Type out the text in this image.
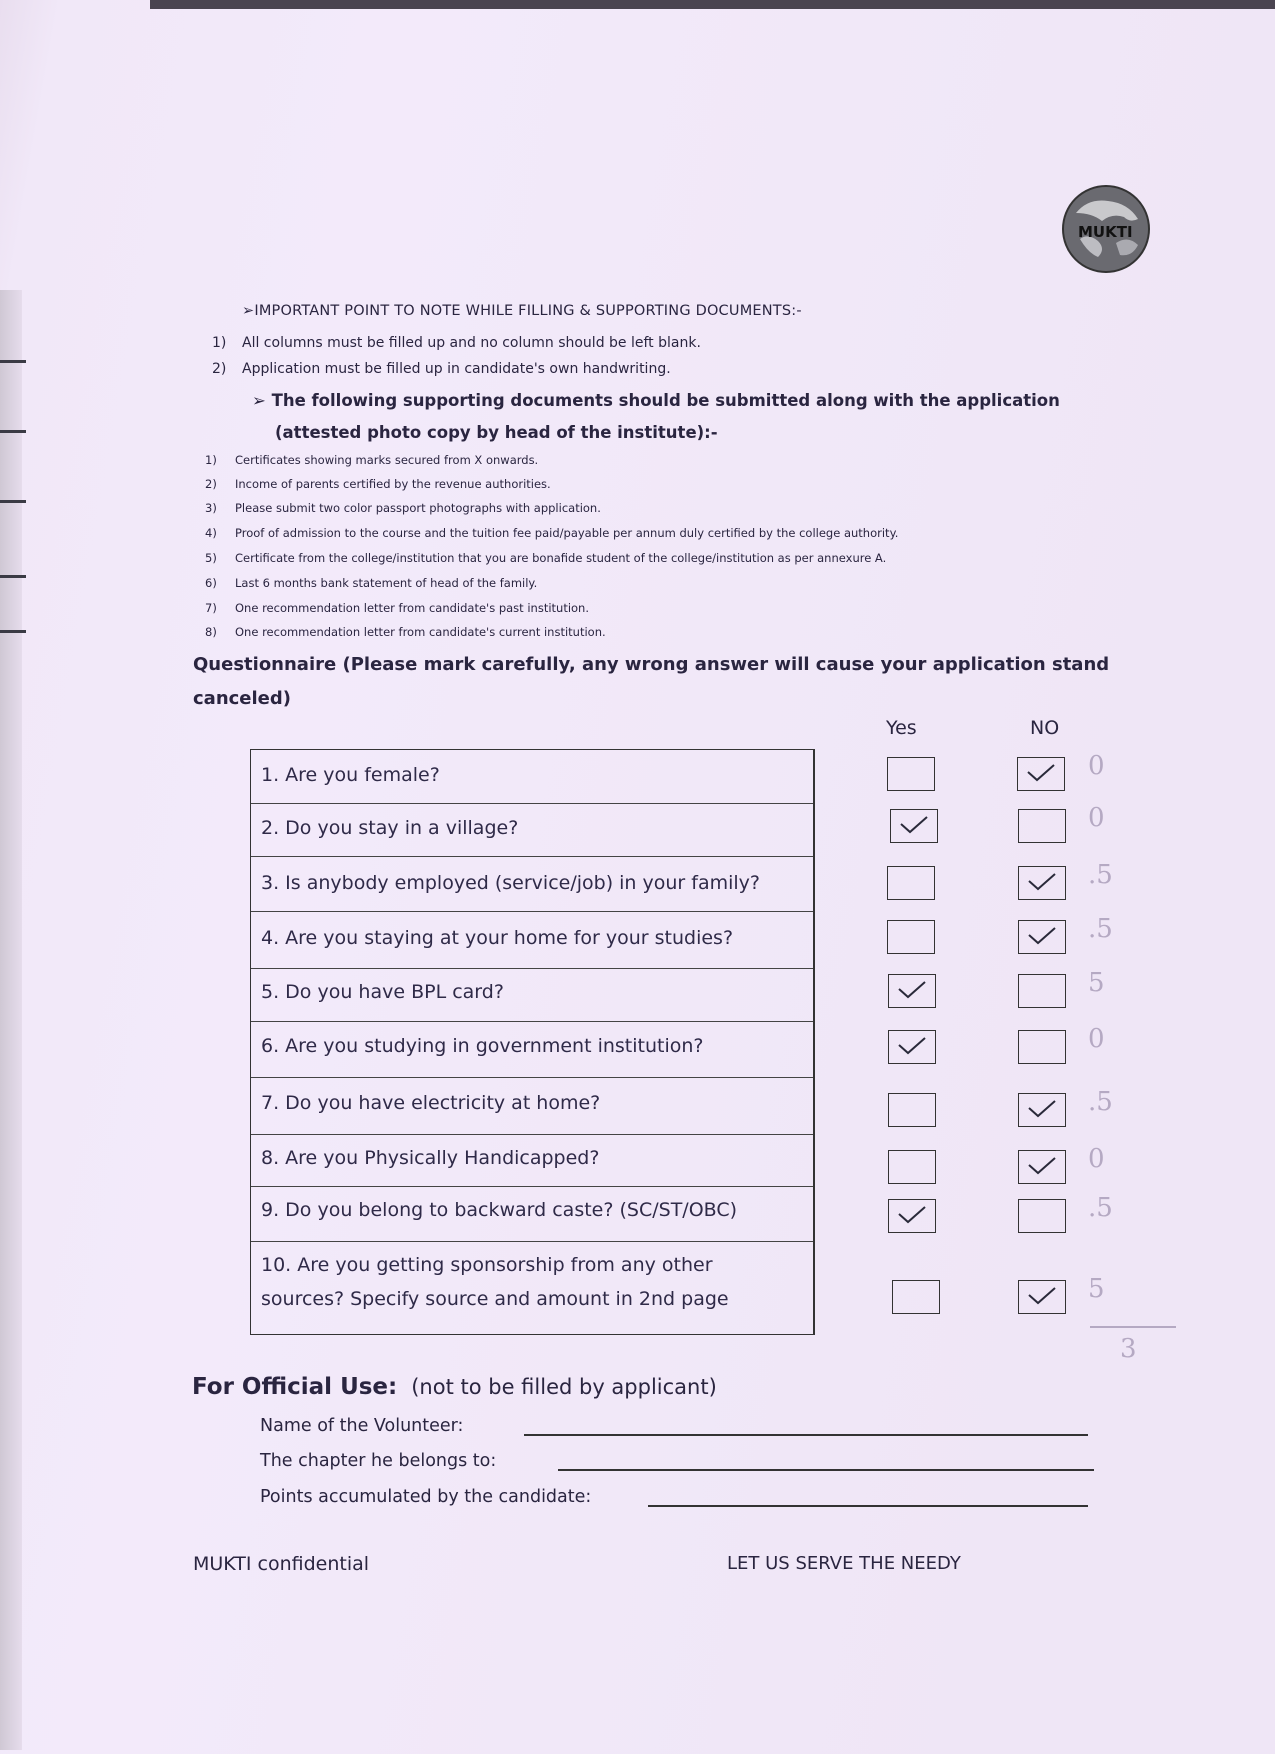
MUKTI
➢IMPORTANT POINT TO NOTE WHILE FILLING & SUPPORTING DOCUMENTS:-
1) All columns must be filled up and no column should be left blank.
2) Application must be filled up in candidate's own handwriting.
➢ The following supporting documents should be submitted along with the application
(attested photo copy by head of the institute):-
1) Certificates showing marks secured from X onwards.
2) Income of parents certified by the revenue authorities.
3) Please submit two color passport photographs with application.
4) Proof of admission to the course and the tuition fee paid/payable per annum duly certified by the college authority.
5) Certificate from the college/institution that you are bonafide student of the college/institution as per annexure A.
6) Last 6 months bank statement of head of the family.
7) One recommendation letter from candidate's past institution.
8) One recommendation letter from candidate's current institution.
Questionnaire (Please mark carefully, any wrong answer will cause your application stand canceled)
Yes	NO
1. Are you female?
2. Do you stay in a village?
3. Is anybody employed (service/job) in your family?
4. Are you staying at your home for your studies?
5. Do you have BPL card?
6. Are you studying in government institution?
7. Do you have electricity at home?
8. Are you Physically Handicapped?
9. Do you belong to backward caste? (SC/ST/OBC)
10. Are you getting sponsorship from any other
sources? Specify source and amount in 2nd page
0
0
.5
.5
5
0
.5
0
.5
5
3
For Official Use: (not to be filled by applicant)
Name of the Volunteer:
The chapter he belongs to:
Points accumulated by the candidate:
MUKTI confidential	LET US SERVE THE NEEDY
